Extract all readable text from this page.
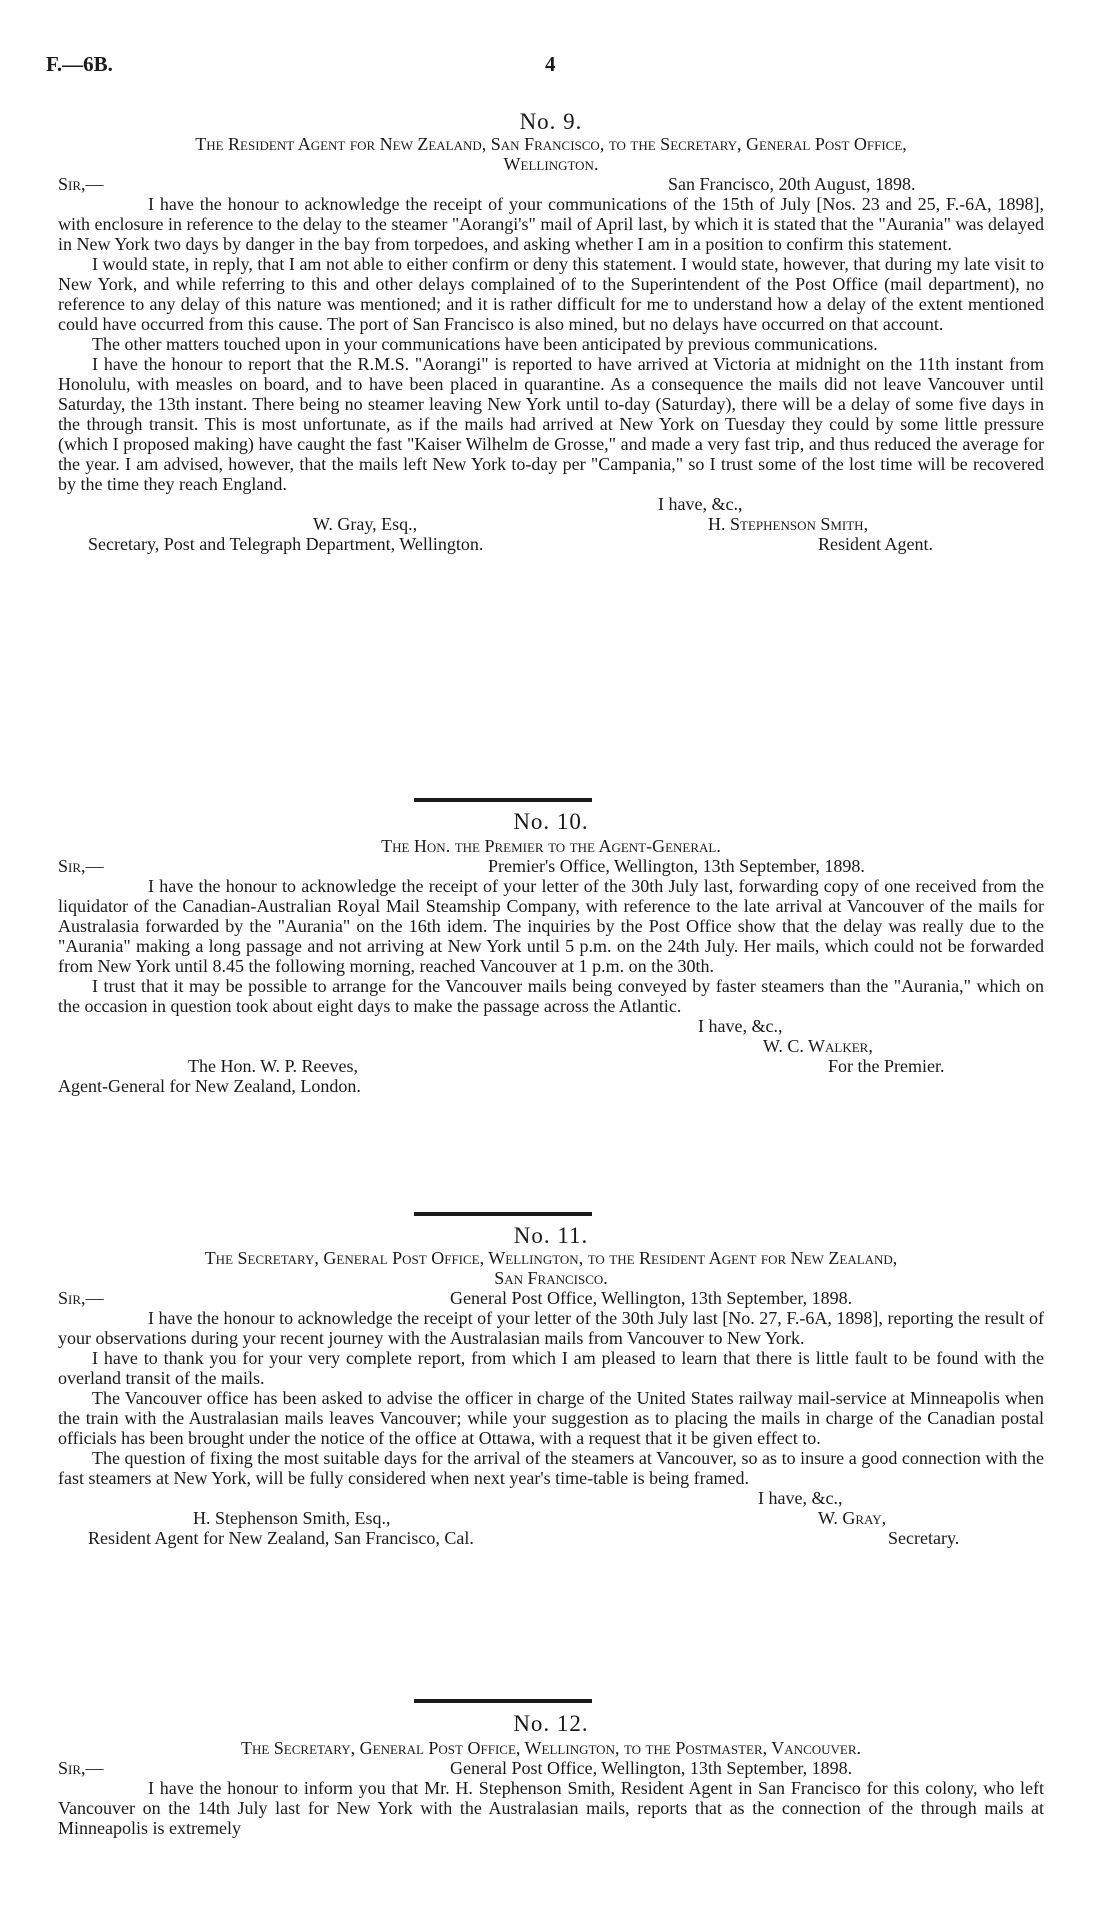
F.—6B.	4
No. 9.
The Resident Agent for New Zealand, San Francisco, to the Secretary, General Post Office,
Wellington.
Sir,—	San Francisco, 20th August, 1898.

I have the honour to acknowledge the receipt of your communications of the 15th of July [Nos. 23 and 25, F.-6A, 1898], with enclosure in reference to the delay to the steamer "Aorangi's" mail of April last, by which it is stated that the "Aurania" was delayed in New York two days by danger in the bay from torpedoes, and asking whether I am in a position to confirm this statement.

I would state, in reply, that I am not able to either confirm or deny this statement. I would state, however, that during my late visit to New York, and while referring to this and other delays complained of to the Superintendent of the Post Office (mail department), no reference to any delay of this nature was mentioned; and it is rather difficult for me to understand how a delay of the extent mentioned could have occurred from this cause. The port of San Francisco is also mined, but no delays have occurred on that account.

The other matters touched upon in your communications have been anticipated by previous communications.

I have the honour to report that the R.M.S. "Aorangi" is reported to have arrived at Victoria at midnight on the 11th instant from Honolulu, with measles on board, and to have been placed in quarantine. As a consequence the mails did not leave Vancouver until Saturday, the 13th instant. There being no steamer leaving New York until to-day (Saturday), there will be a delay of some five days in the through transit. This is most unfortunate, as if the mails had arrived at New York on Tuesday they could by some little pressure (which I proposed making) have caught the fast "Kaiser Wilhelm de Grosse," and made a very fast trip, and thus reduced the average for the year. I am advised, however, that the mails left New York to-day per "Campania," so I trust some of the lost time will be recovered by the time they reach England.

I have, &c.,
W. Gray, Esq.,	H. Stephenson Smith,
Secretary, Post and Telegraph Department, Wellington.	Resident Agent.
No. 10.
The Hon. the Premier to the Agent-General.
Sir,—	Premier's Office, Wellington, 13th September, 1898.

I have the honour to acknowledge the receipt of your letter of the 30th July last, forwarding copy of one received from the liquidator of the Canadian-Australian Royal Mail Steamship Company, with reference to the late arrival at Vancouver of the mails for Australasia forwarded by the "Aurania" on the 16th idem. The inquiries by the Post Office show that the delay was really due to the "Aurania" making a long passage and not arriving at New York until 5 p.m. on the 24th July. Her mails, which could not be forwarded from New York until 8.45 the following morning, reached Vancouver at 1 p.m. on the 30th.

I trust that it may be possible to arrange for the Vancouver mails being conveyed by faster steamers than the "Aurania," which on the occasion in question took about eight days to make the passage across the Atlantic.

I have, &c.,
W. C. Walker,
The Hon. W. P. Reeves,	For the Premier.
Agent-General for New Zealand, London.
No. 11.
The Secretary, General Post Office, Wellington, to the Resident Agent for New Zealand,
San Francisco.
Sir,—	General Post Office, Wellington, 13th September, 1898.

I have the honour to acknowledge the receipt of your letter of the 30th July last [No. 27, F.-6A, 1898], reporting the result of your observations during your recent journey with the Australasian mails from Vancouver to New York.

I have to thank you for your very complete report, from which I am pleased to learn that there is little fault to be found with the overland transit of the mails.

The Vancouver office has been asked to advise the officer in charge of the United States railway mail-service at Minneapolis when the train with the Australasian mails leaves Vancouver; while your suggestion as to placing the mails in charge of the Canadian postal officials has been brought under the notice of the office at Ottawa, with a request that it be given effect to.

The question of fixing the most suitable days for the arrival of the steamers at Vancouver, so as to insure a good connection with the fast steamers at New York, will be fully considered when next year's time-table is being framed.

I have, &c.,
H. Stephenson Smith, Esq.,	W. Gray,
Resident Agent for New Zealand, San Francisco, Cal.	Secretary.
No. 12.
The Secretary, General Post Office, Wellington, to the Postmaster, Vancouver.
Sir,—	General Post Office, Wellington, 13th September, 1898.

I have the honour to inform you that Mr. H. Stephenson Smith, Resident Agent in San Francisco for this colony, who left Vancouver on the 14th July last for New York with the Australasian mails, reports that as the connection of the through mails at Minneapolis is extremely
